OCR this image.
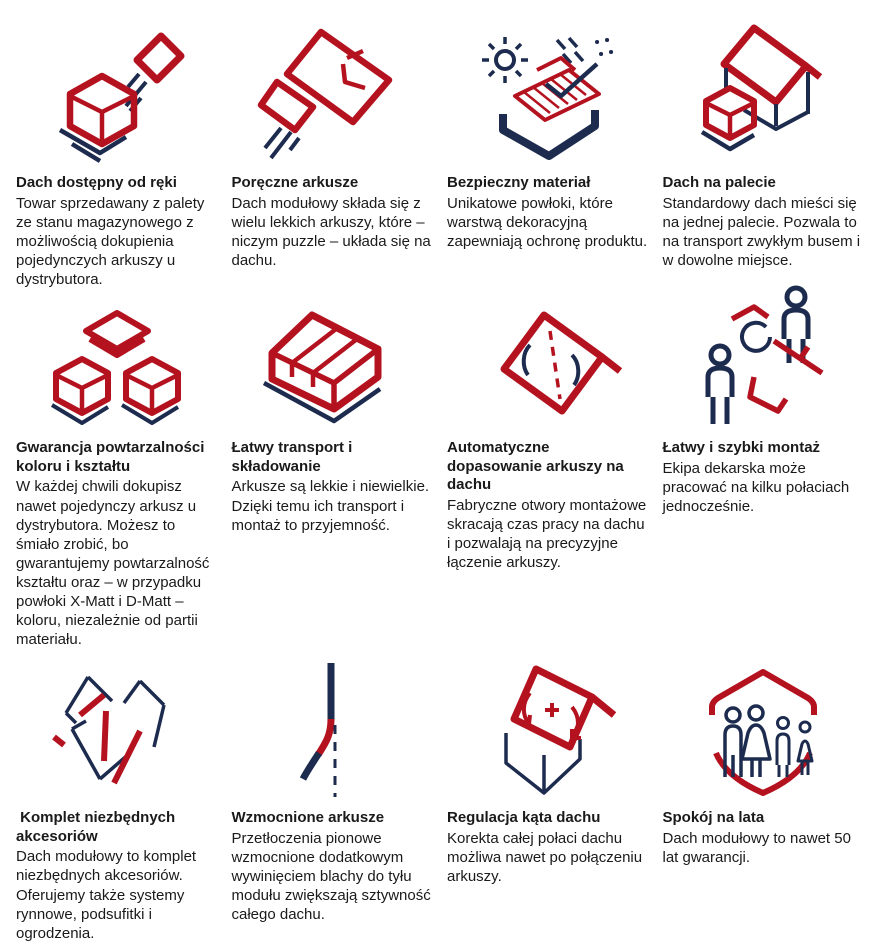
Dach dostępny od ręki
Towar sprzedawany z palety ze stanu magazynowego z możliwością dokupienia pojedynczych arkuszy u dystrybutora.
Poręczne arkusze
Dach modułowy składa się z wielu lekkich arkuszy, które – niczym puzzle – układa się na dachu.
Bezpieczny materiał
Unikatowe powłoki, które warstwą dekoracyjną zapewniają ochronę produktu.
Dach na palecie
Standardowy dach mieści się na jednej palecie. Pozwala to na transport zwykłym busem i w dowolne miejsce.
Gwarancja powtarzalności koloru i kształtu
W każdej chwili dokupisz nawet pojedynczy arkusz u dystrybutora. Możesz to śmiało zrobić, bo gwarantujemy powtarzalność kształtu oraz – w przypadku powłoki X-Matt i D-Matt – koloru, niezależnie od partii materiału.
Łatwy transport i składowanie
Arkusze są lekkie i niewielkie. Dzięki temu ich transport i montaż to przyjemność.
Automatyczne dopasowanie arkuszy na dachu
Fabryczne otwory montażowe skracają czas pracy na dachu i pozwalają na precyzyjne łączenie arkuszy.
Łatwy i szybki montaż
Ekipa dekarska może pracować na kilku połaciach jednocześnie.
Komplet niezbędnych akcesoriów
Dach modułowy to komplet niezbędnych akcesoriów. Oferujemy także systemy rynnowe, podsufitki i ogrodzenia.
Wzmocnione arkusze
Przetłoczenia pionowe wzmocnione dodatkowym wywinięciem blachy do tyłu modułu zwiększają sztywność całego dachu.
Regulacja kąta dachu
Korekta całej połaci dachu możliwa nawet po połączeniu arkuszy.
Spokój na lata
Dach modułowy to nawet 50 lat gwarancji.
